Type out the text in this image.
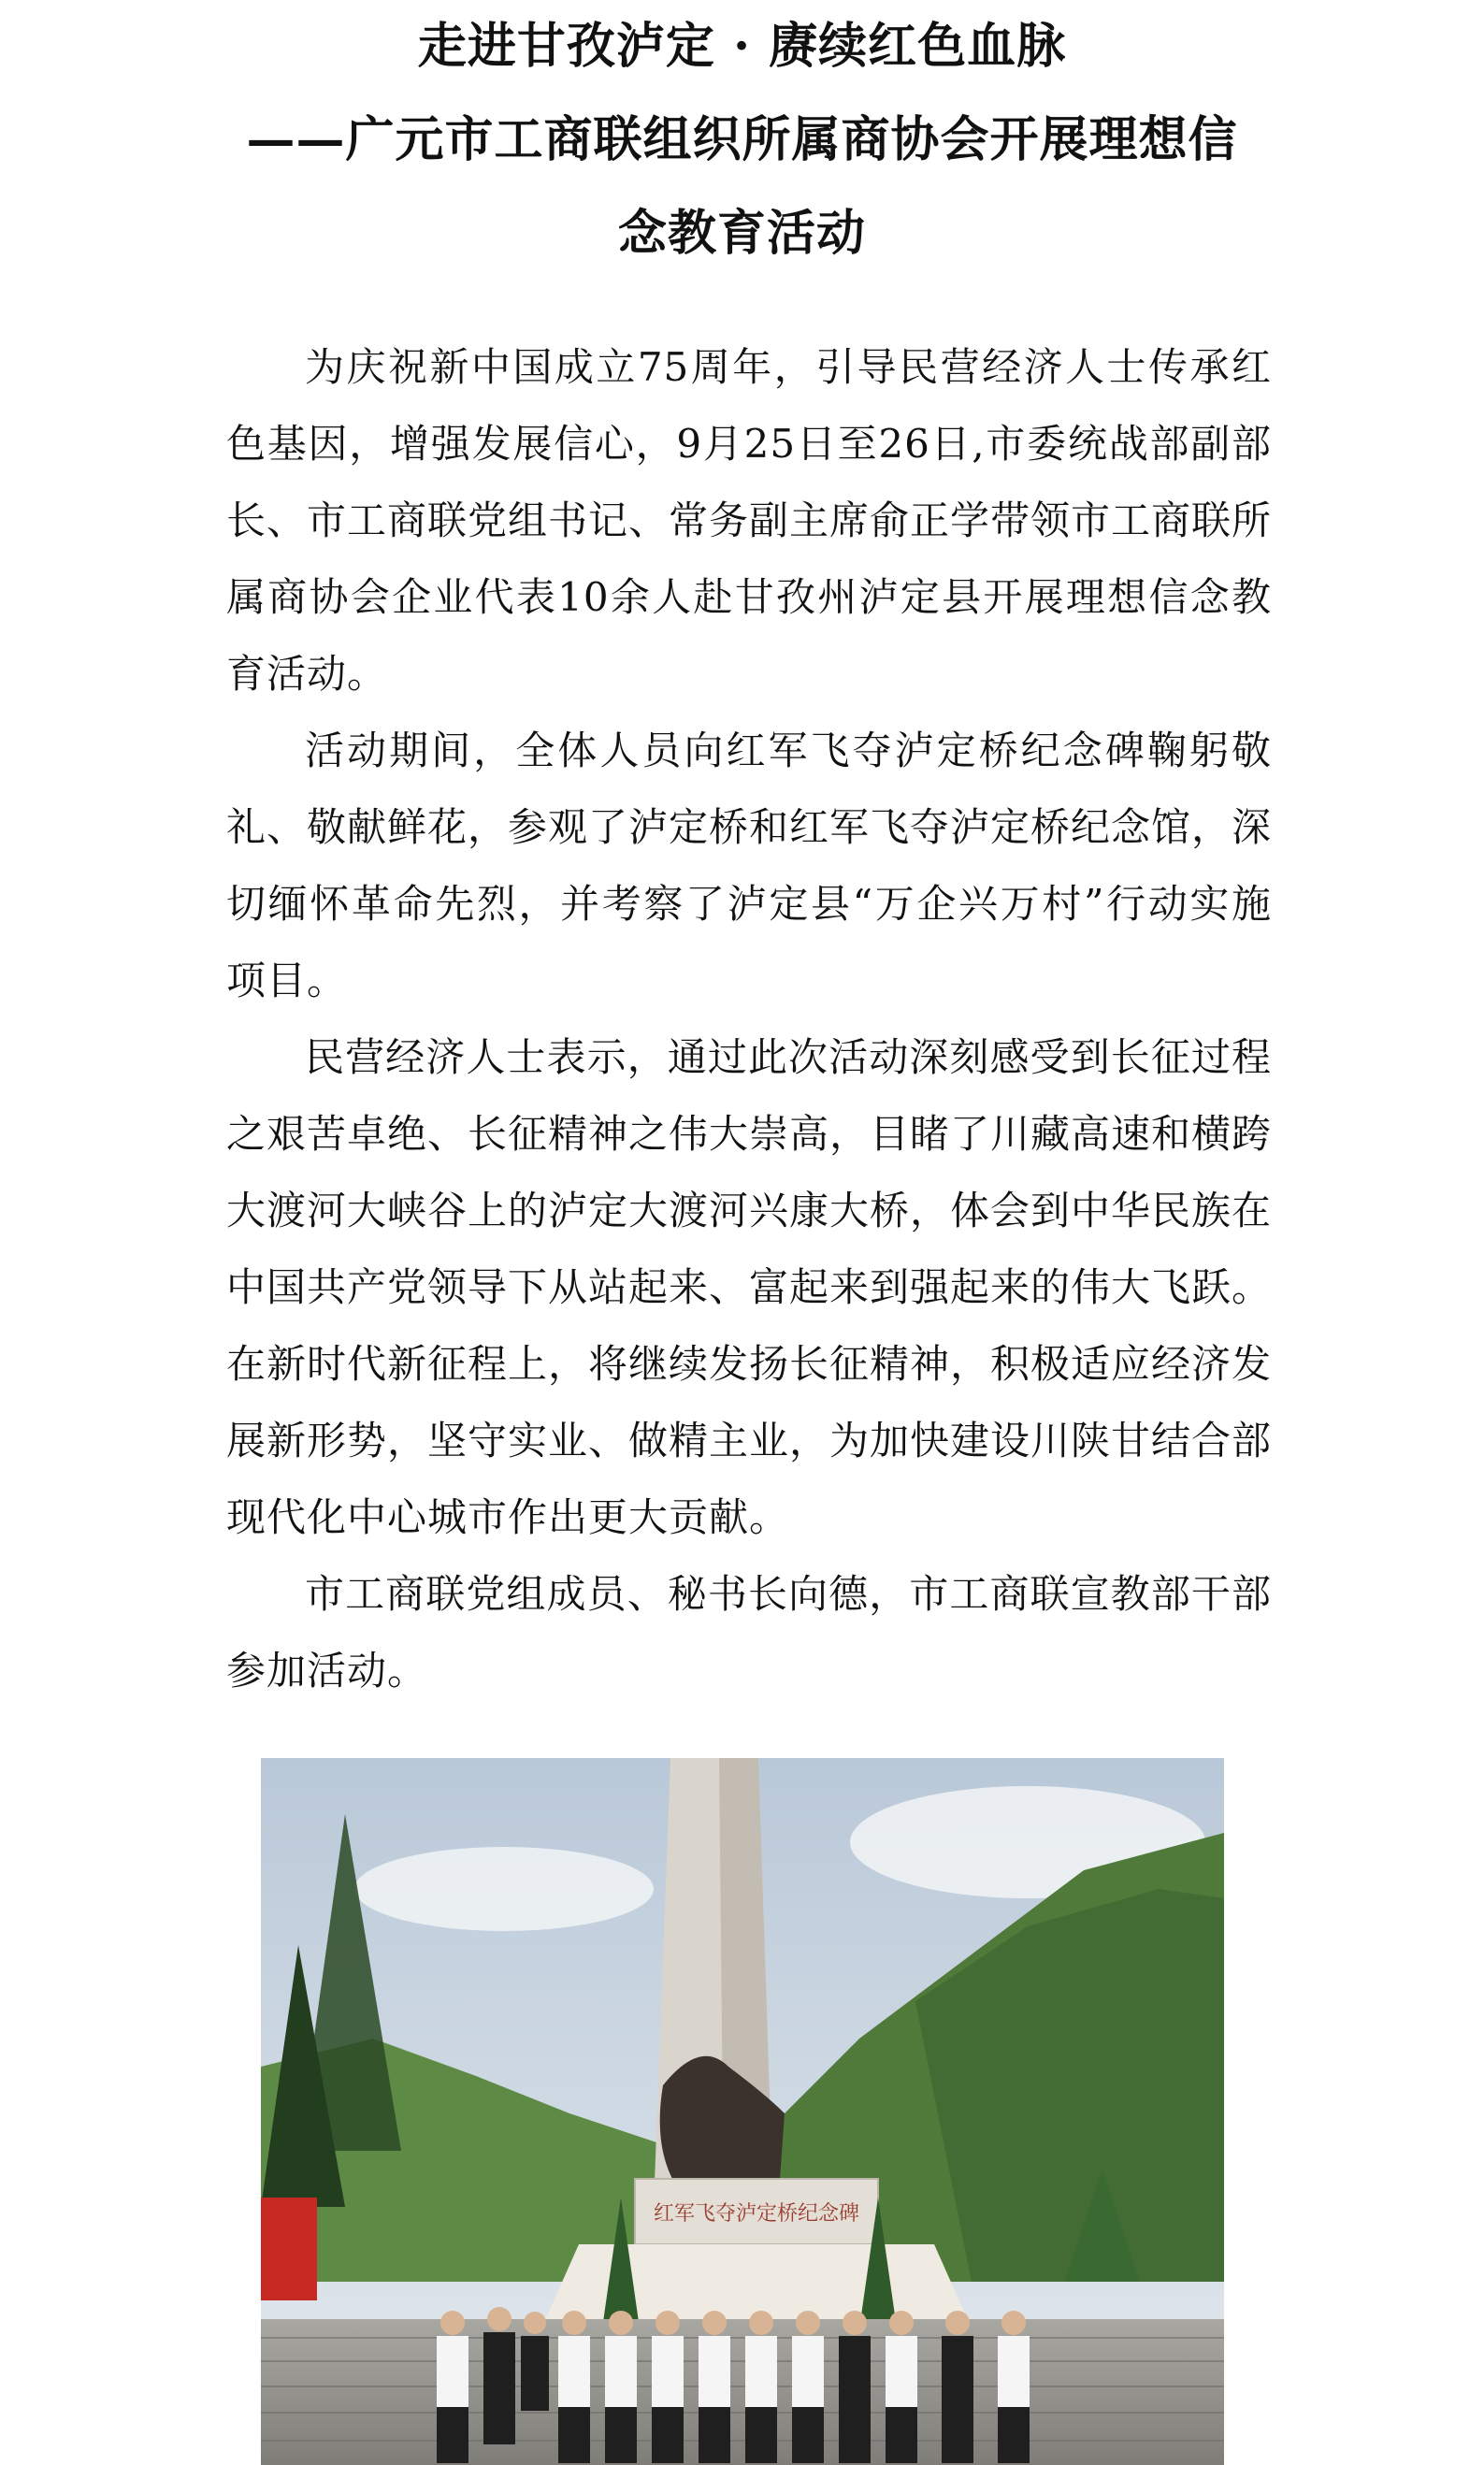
走进甘孜泸定 · 赓续红色血脉

——广元市工商联组织所属商协会开展理想信

念教育活动

为庆祝新中国成立75周年，引导民营经济人士传承红色基因，增强发展信心，9月25日至26日,市委统战部副部长、市工商联党组书记、常务副主席俞正学带领市工商联所属商协会企业代表10余人赴甘孜州泸定县开展理想信念教育活动。

活动期间，全体人员向红军飞夺泸定桥纪念碑鞠躬敬礼、敬献鲜花，参观了泸定桥和红军飞夺泸定桥纪念馆，深切缅怀革命先烈，并考察了泸定县“万企兴万村”行动实施项目。

民营经济人士表示，通过此次活动深刻感受到长征过程之艰苦卓绝、长征精神之伟大崇高，目睹了川藏高速和横跨大渡河大峡谷上的泸定大渡河兴康大桥，体会到中华民族在中国共产党领导下从站起来、富起来到强起来的伟大飞跃。在新时代新征程上，将继续发扬长征精神，积极适应经济发展新形势，坚守实业、做精主业，为加快建设川陕甘结合部现代化中心城市作出更大贡献。

市工商联党组成员、秘书长向德，市工商联宣教部干部参加活动。

红军飞夺泸定桥纪念碑
